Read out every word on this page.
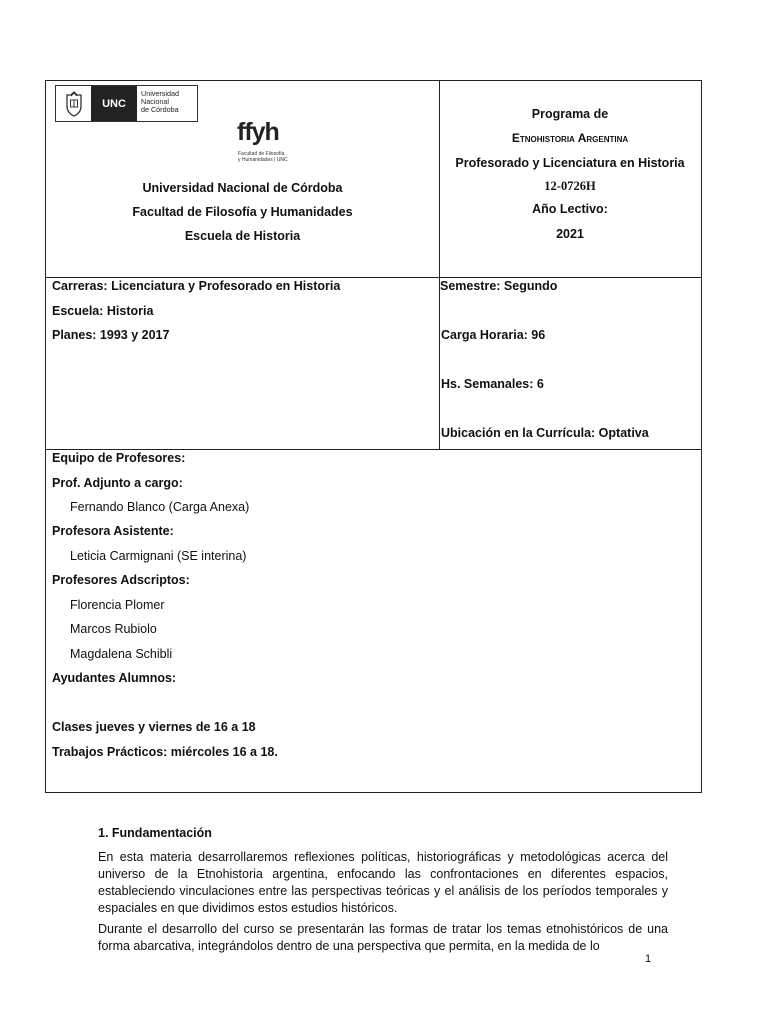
UNC
Universidad
Nacional
de Córdoba
ffyh
Facultad de Filosofía
y Humanidades | UNC
Universidad Nacional de Córdoba
Facultad de Filosofía y Humanidades
Escuela de Historia
Programa de
Etnohistoria Argentina
Profesorado y Licenciatura en Historia
12-0726H
Año Lectivo:
2021
Carreras: Licenciatura y Profesorado en Historia
Escuela: Historia
Planes: 1993 y 2017
Semestre: Segundo
Carga Horaria: 96
Hs. Semanales: 6
Ubicación en la Currícula: Optativa
Equipo de Profesores:
Prof. Adjunto a cargo:
Fernando Blanco (Carga Anexa)
Profesora Asistente:
Leticia Carmignani (SE interina)
Profesores Adscriptos:
Florencia Plomer
Marcos Rubiolo
Magdalena Schibli
Ayudantes Alumnos:
Clases jueves y viernes de 16 a 18
Trabajos Prácticos: miércoles 16 a 18.
1. Fundamentación
En esta materia desarrollaremos reflexiones políticas, historiográficas y metodológicas acerca del universo de la Etnohistoria argentina, enfocando las confrontaciones en diferentes espacios, estableciendo vinculaciones entre las perspectivas teóricas y el análisis de los períodos temporales y espaciales en que dividimos estos estudios históricos.
Durante el desarrollo del curso se presentarán las formas de tratar los temas etnohistóricos de una forma abarcativa, integrándolos dentro de una perspectiva que permita, en la medida de lo
1
